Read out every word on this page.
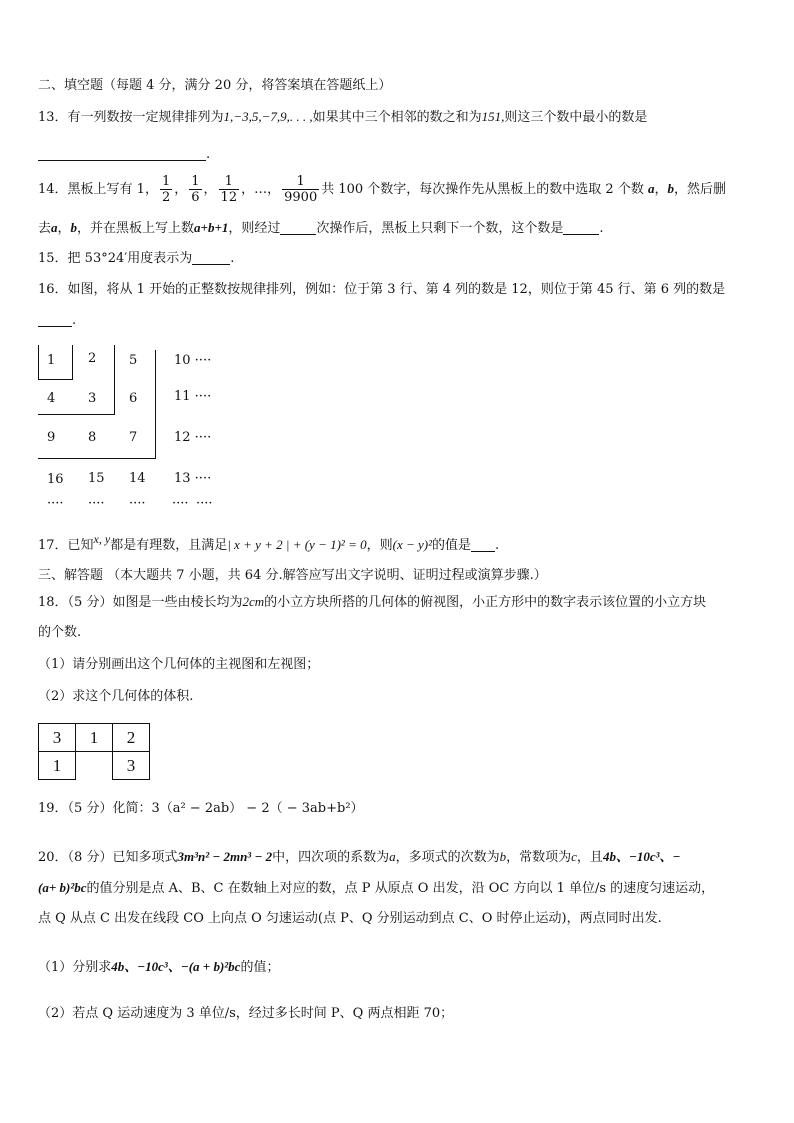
二、填空题（每题 4 分，满分 20 分，将答案填在答题纸上）
13．有一列数按一定规律排列为1,−3,5,−7,9,. . . ,如果其中三个相邻的数之和为151,则这三个数中最小的数是
.
14．黑板上写有 1， $\frac{1}{2}$ ， $\frac{1}{6}$ ， $\frac{1}{12}$ ，…， $\frac{1}{9900}$ 共 100 个数字，每次操作先从黑板上的数中选取 2 个数 a，b，然后删
去a，b，并在黑板上写上数a+b+1，则经过	次操作后，黑板上只剩下一个数，这个数是	.
15．把 53°24′用度表示为	.
16．如图，将从 1 开始的正整数按规律排列，例如：位于第 3 行、第 4 列的数是 12，则位于第 45 行、第 6 列的数是
.
1	2	5	10 ····
4	3	6	11 ····
9	8	7	12 ····
16 15 14 13 ····
···· ···· ···· ···· ····
17．已知x, y都是有理数，且满足| x + y + 2 | + (y − 1)² = 0，则(x − y)²的值是 .
三、解答题 （本大题共 7 小题，共 64 分.解答应写出文字说明、证明过程或演算步骤.）
18．（5 分）如图是一些由棱长均为2cm的小立方块所搭的几何体的俯视图，小正方形中的数字表示该位置的小立方块
的个数.
（1）请分别画出这个几何体的主视图和左视图；
（2）求这个几何体的体积.
3	1	2
1		3
19．（5 分）化简：3（a² − 2ab） − 2（ − 3ab+b²）
20．（8 分）已知多项式3m³n² − 2mn³ − 2中，四次项的系数为a，多项式的次数为b，常数项为c，且4b、−10c³、−
(a+ b)²bc的值分别是点 A、B、C 在数轴上对应的数，点 P 从原点 O 出发，沿 OC 方向以 1 单位/s 的速度匀速运动，
点 Q 从点 C 出发在线段 CO 上向点 O 匀速运动(点 P、Q 分别运动到点 C、O 时停止运动)，两点同时出发.
（1）分别求4b、−10c³、−(a + b)²bc的值；
（2）若点 Q 运动速度为 3 单位/s，经过多长时间 P、Q 两点相距 70；
